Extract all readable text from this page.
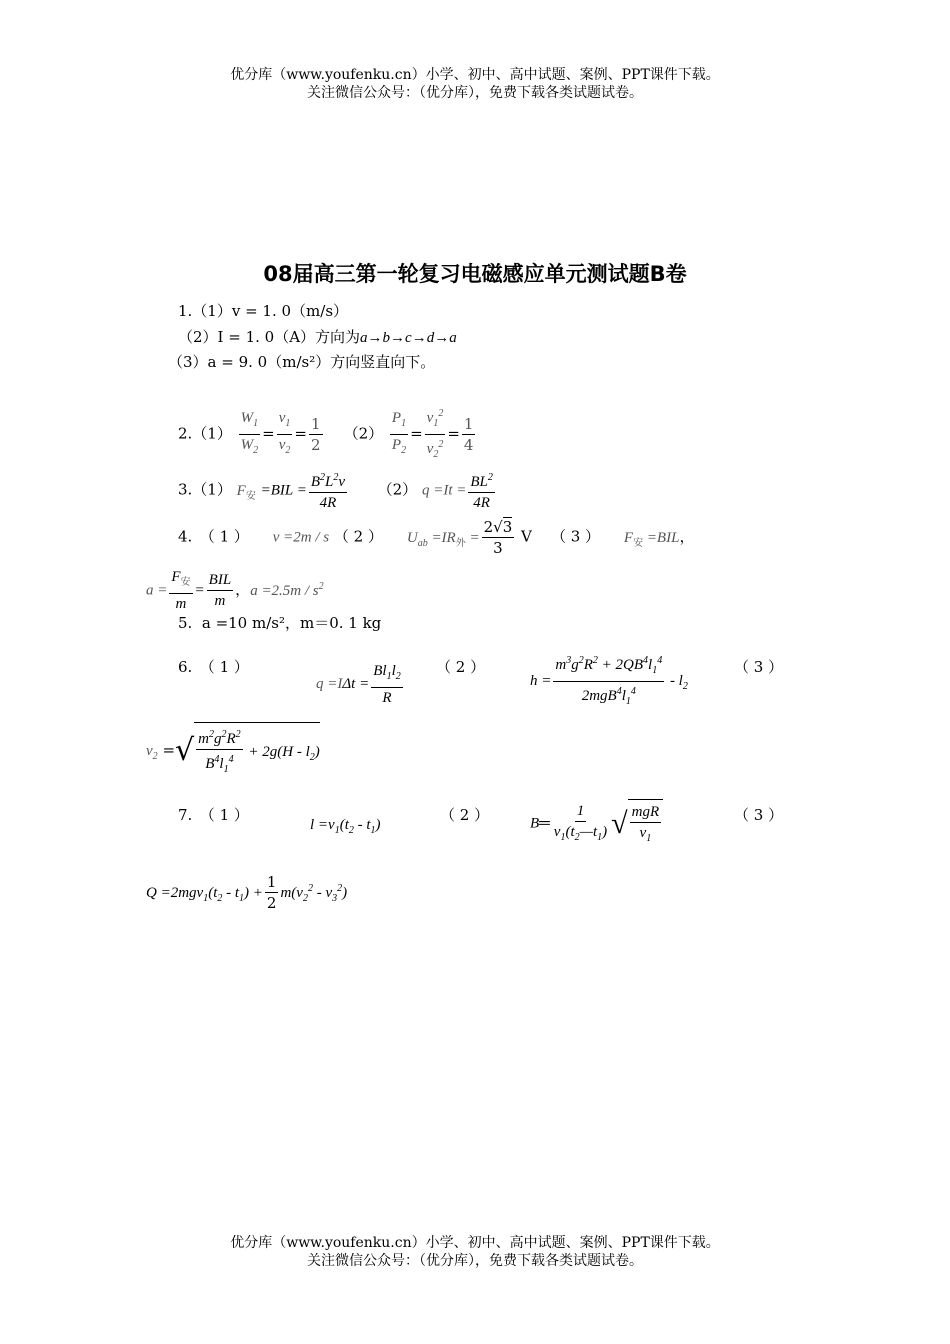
优分库（www.youfenku.cn）小学、初中、高中试题、案例、PPT课件下载。
关注微信公众号：（优分库），免费下载各类试题试卷。
08届高三第一轮复习电磁感应单元测试题B卷
1.（1）v = 1. 0（m/s）
（2）I = 1. 0（A）方向为a→b→c→d→a
（3）a = 9. 0（m/s²）方向竖直向下。
$2.(1) \frac{W_1}{W_2} = \frac{v_1}{v_2} = \frac{1}{2} (2) \frac{P_1}{P_2} = \frac{v_1^2}{v_2^2} = \frac{1}{4}$
3.（1） $F_安 =BIL = \frac{B^2L^2v}{4R} (2)$ $q =It = \frac{BL^2}{4R}$
4.　（ 1 ） v =2m / s （ 2 ） $U_{ab} =IR_外 = \frac{2√3}{3}$ V （ 3 ） $F_安 =BIL$，
a =
$F_安$
m
=
BIL
m
，$a =2.5m / s^2$
5. a =10 m/s²，m＝0. 1 kg
6.　（ 1 ）
$q =I\Delta t = \frac{Bl_1l_2}{R}$ （ 2 ）
h =
$m^3g^2R^2 + 2QB^4l_1^4$
$2mgB^4l_1^4$
- $l_2$
（ 3 ）
$v_2$ =√ $\frac{m^2g^2R^2}{B^4l_1^4} + 2g(H - l_2)$
7.　（ 1 ）
$l =v_1(t_2 - t_1)$
（ 2 ）	B═ $\frac{1}{v_1(t_2—t_1)}$ √ mgR
$v_1$
（ 3 ）
$Q =2mgv_1(t_2 - t_1) + \frac{1}{2} m(v_2^2 - v_3^2)$
优分库（www.youfenku.cn）小学、初中、高中试题、案例、PPT课件下载。
关注微信公众号：（优分库），免费下载各类试题试卷。
